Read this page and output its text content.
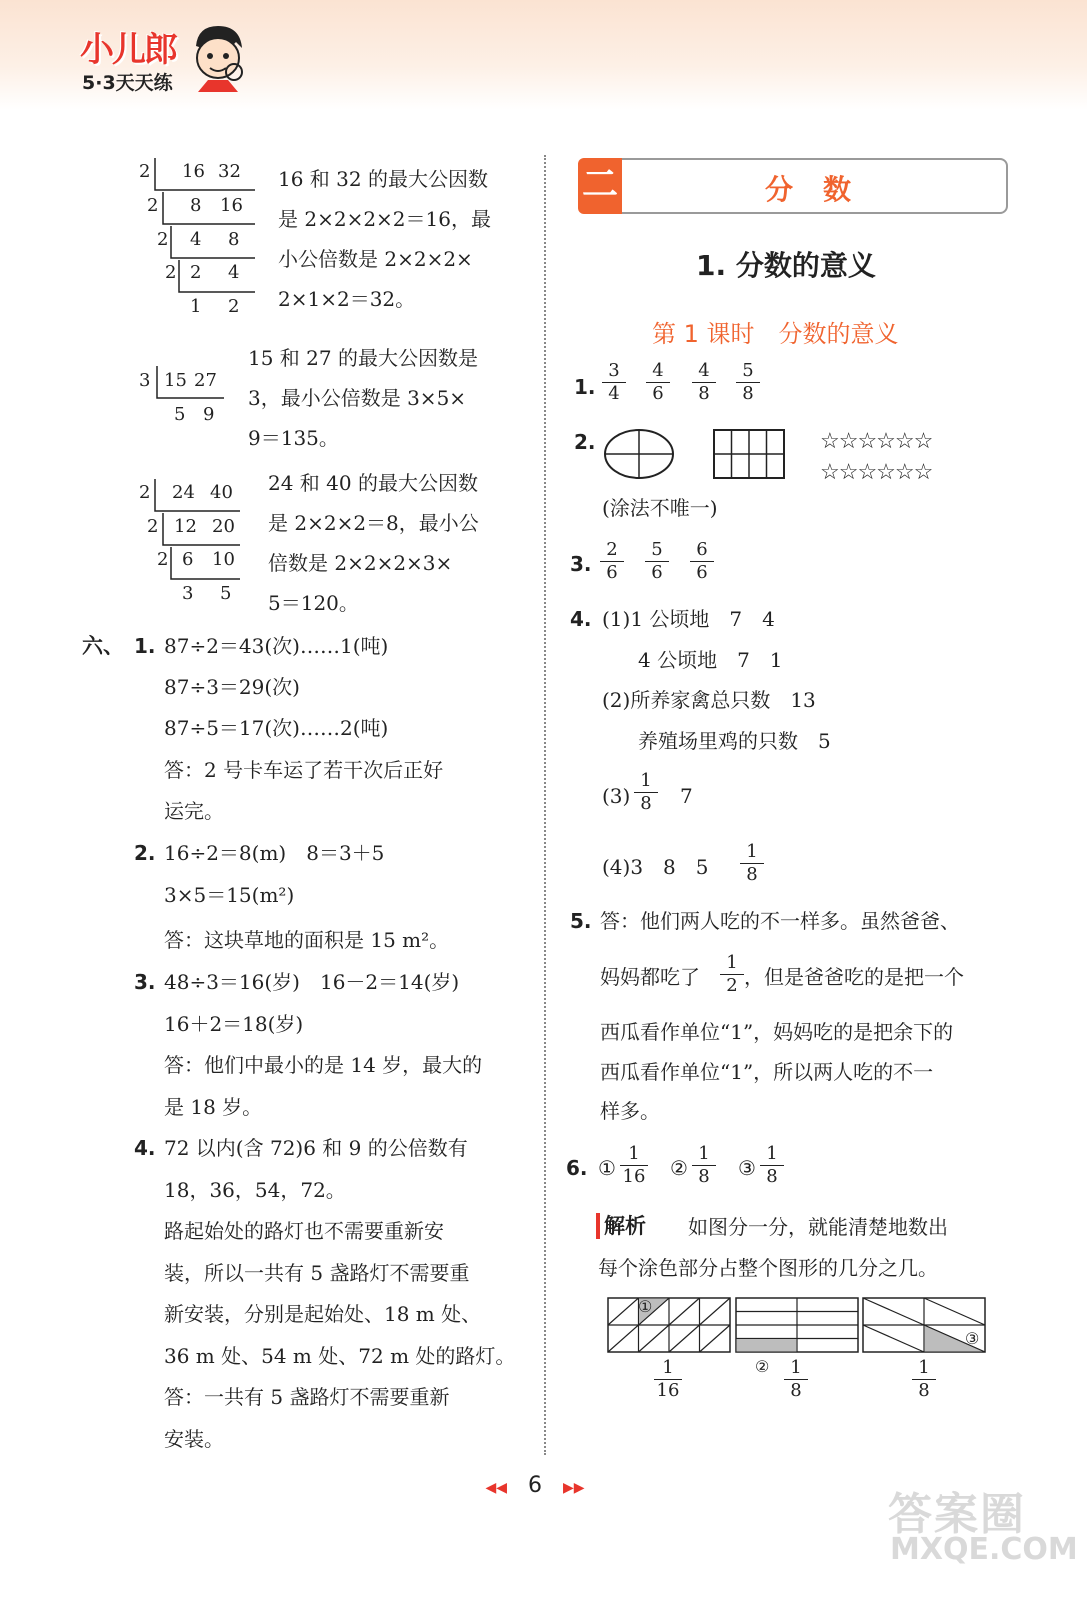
小儿郎
5·3天天练
2 16 32
2 8 16
2 4 8
2 2 4
1 2
16 和 32 的最大公因数
是 2×2×2×2＝16，最
小公倍数是 2×2×2×
2×1×2＝32。
3 15 27
5 9
15 和 27 的最大公因数是
3，最小公倍数是 3×5×
9＝135。
2 24 40
2 12 20
2 6 10
3 5
24 和 40 的最大公因数
是 2×2×2＝8，最小公
倍数是 2×2×2×3×
5＝120。
六、 1. 87÷2＝43(次)……1(吨)
87÷3＝29(次)
87÷5＝17(次)……2(吨)
答：2 号卡车运了若干次后正好
运完。
2. 16÷2＝8(m)　8＝3＋5
3×5＝15(m²)
答：这块草地的面积是 15 m²。
3. 48÷3＝16(岁)　16－2＝14(岁)
16＋2＝18(岁)
答：他们中最小的是 14 岁，最大的
是 18 岁。
4. 72 以内(含 72)6 和 9 的公倍数有
18，36，54，72。
路起始处的路灯也不需要重新安
装，所以一共有 5 盏路灯不需要重
新安装，分别是起始处、18 m 处、
36 m 处、54 m 处、72 m 处的路灯。
答：一共有 5 盏路灯不需要重新
安装。
二	分数
1. 分数的意义
第 1 课时　分数的意义
1. $\frac{3}{4} \frac{4}{6} \frac{4}{8} \frac{5}{8}$
2.	☆☆☆☆☆☆
☆☆☆☆☆☆
(涂法不唯一)
3. $\frac{2}{6} \frac{5}{6} \frac{6}{6}$
4. (1)1 公顷地　7　4
4 公顷地　7　1
(2)所养家禽总只数　13
养殖场里鸡的只数　5
$(3) \frac{1}{8} 7$
(4)3　8　$5 \frac{1}{8}$
5. 答：他们两人吃的不一样多。虽然爸爸、
妈妈都吃了 $\frac{1}{2}$ ，但是爸爸吃的是把一个
西瓜看作单位“1”，妈妈吃的是把余下的
西瓜看作单位“1”，所以两人吃的不一
样多。
6. ① $\frac{1}{16}$ ② $\frac{1}{8}$ ③ $\frac{1}{8}$
解析 如图分一分，就能清楚地数出
每个涂色部分占整个图形的几分之几。
①
②
③
$\frac{1}{16}$	$\frac{1}{8}$	$\frac{1}{8}$
◀◀ 6 ▶▶
答案圈
MXQE.COM
